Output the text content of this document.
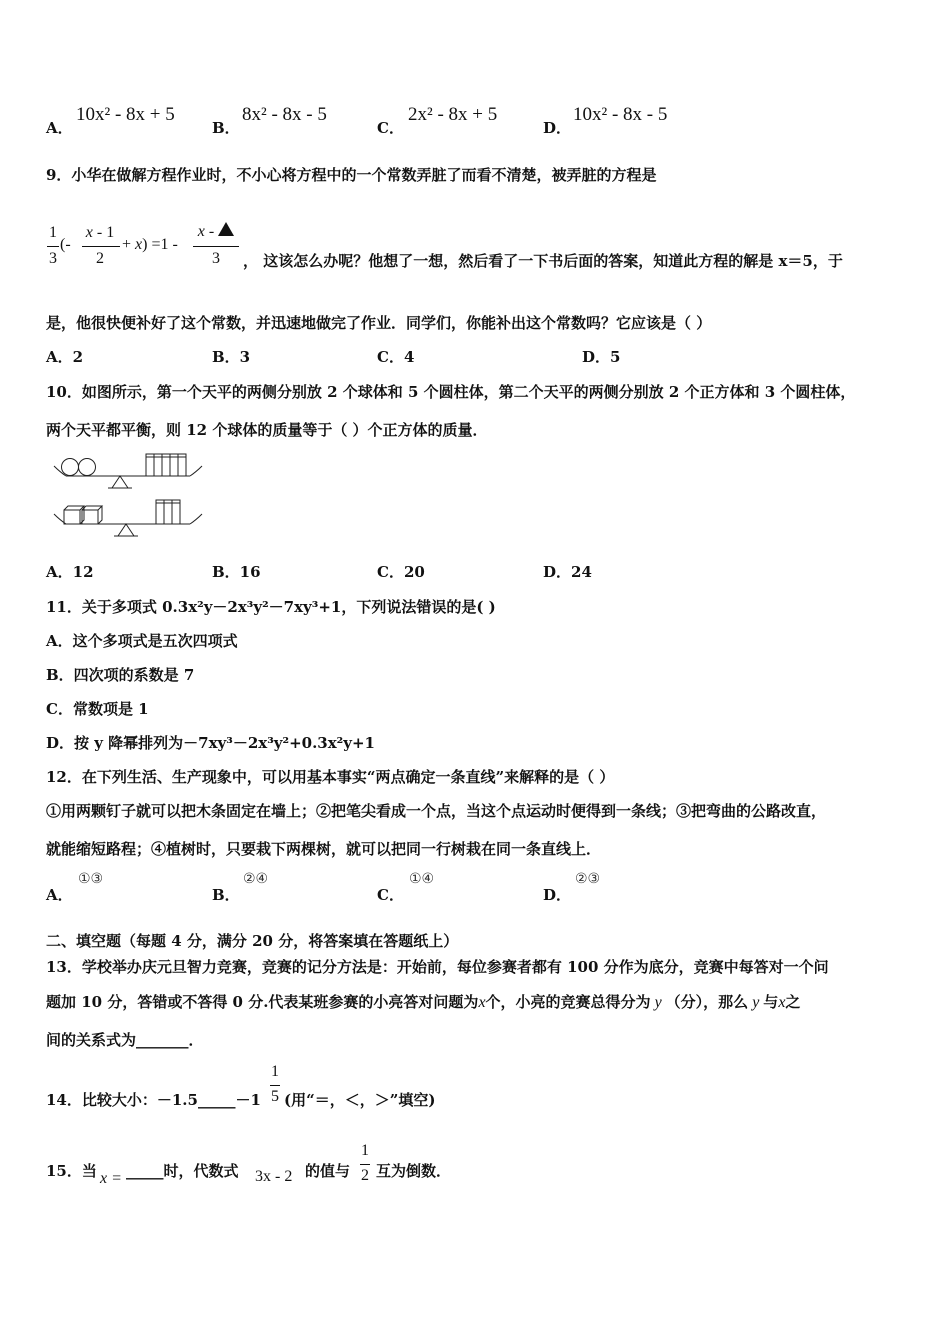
A．
10x² - 8x + 5
B．
8x² - 8x - 5
C．
2x² - 8x + 5
D．
10x² - 8x - 5
9．小华在做解方程作业时，不小心将方程中的一个常数弄脏了而看不清楚，被弄脏的方程是
1
3
(-
x - 1
2
+ x) =1 -
x -
3	， 这该怎么办呢？他想了一想，然后看了一下书后面的答案，知道此方程的解是 x＝5，于
是，他很快便补好了这个常数，并迅速地做完了作业．同学们，你能补出这个常数吗？它应该是（ ）
A．2	B．3	C．4	D．5
10．如图所示，第一个天平的两侧分别放 2 个球体和 5 个圆柱体，第二个天平的两侧分别放 2 个正方体和 3 个圆柱体，
两个天平都平衡，则 12 个球体的质量等于（ ）个正方体的质量．
A．12	B．16	C．20	D．24
11．关于多项式 0.3x²y－2x³y²－7xy³+1，下列说法错误的是( )
A．这个多项式是五次四项式
B．四次项的系数是 7
C．常数项是 1
D．按 y 降幂排列为－7xy³－2x³y²+0.3x²y+1
12．在下列生活、生产现象中，可以用基本事实“两点确定一条直线”来解释的是（ ）
①用两颗钉子就可以把木条固定在墙上；②把笔尖看成一个点，当这个点运动时便得到一条线；③把弯曲的公路改直，
就能缩短路程；④植树时，只要栽下两棵树，就可以把同一行树栽在同一条直线上．
A．
①③
B．
②④
C．
①④
D．
②③
二、填空题（每题 4 分，满分 20 分，将答案填在答题纸上）
13．学校举办庆元旦智力竞赛，竞赛的记分方法是：开始前，每位参赛者都有 100 分作为底分，竞赛中每答对一个问
题加 10 分，答错或不答得 0 分.代表某班参赛的小亮答对问题为x个，小亮的竞赛总得分为 y （分），那么 y 与x之
间的关系式为_______．
14．比较大小：－1.5_____－1
1
5 (用“＝，＜，＞”填空)
15．当 x = _____时，代数式 3x - 2 的值与
1
2 互为倒数．
